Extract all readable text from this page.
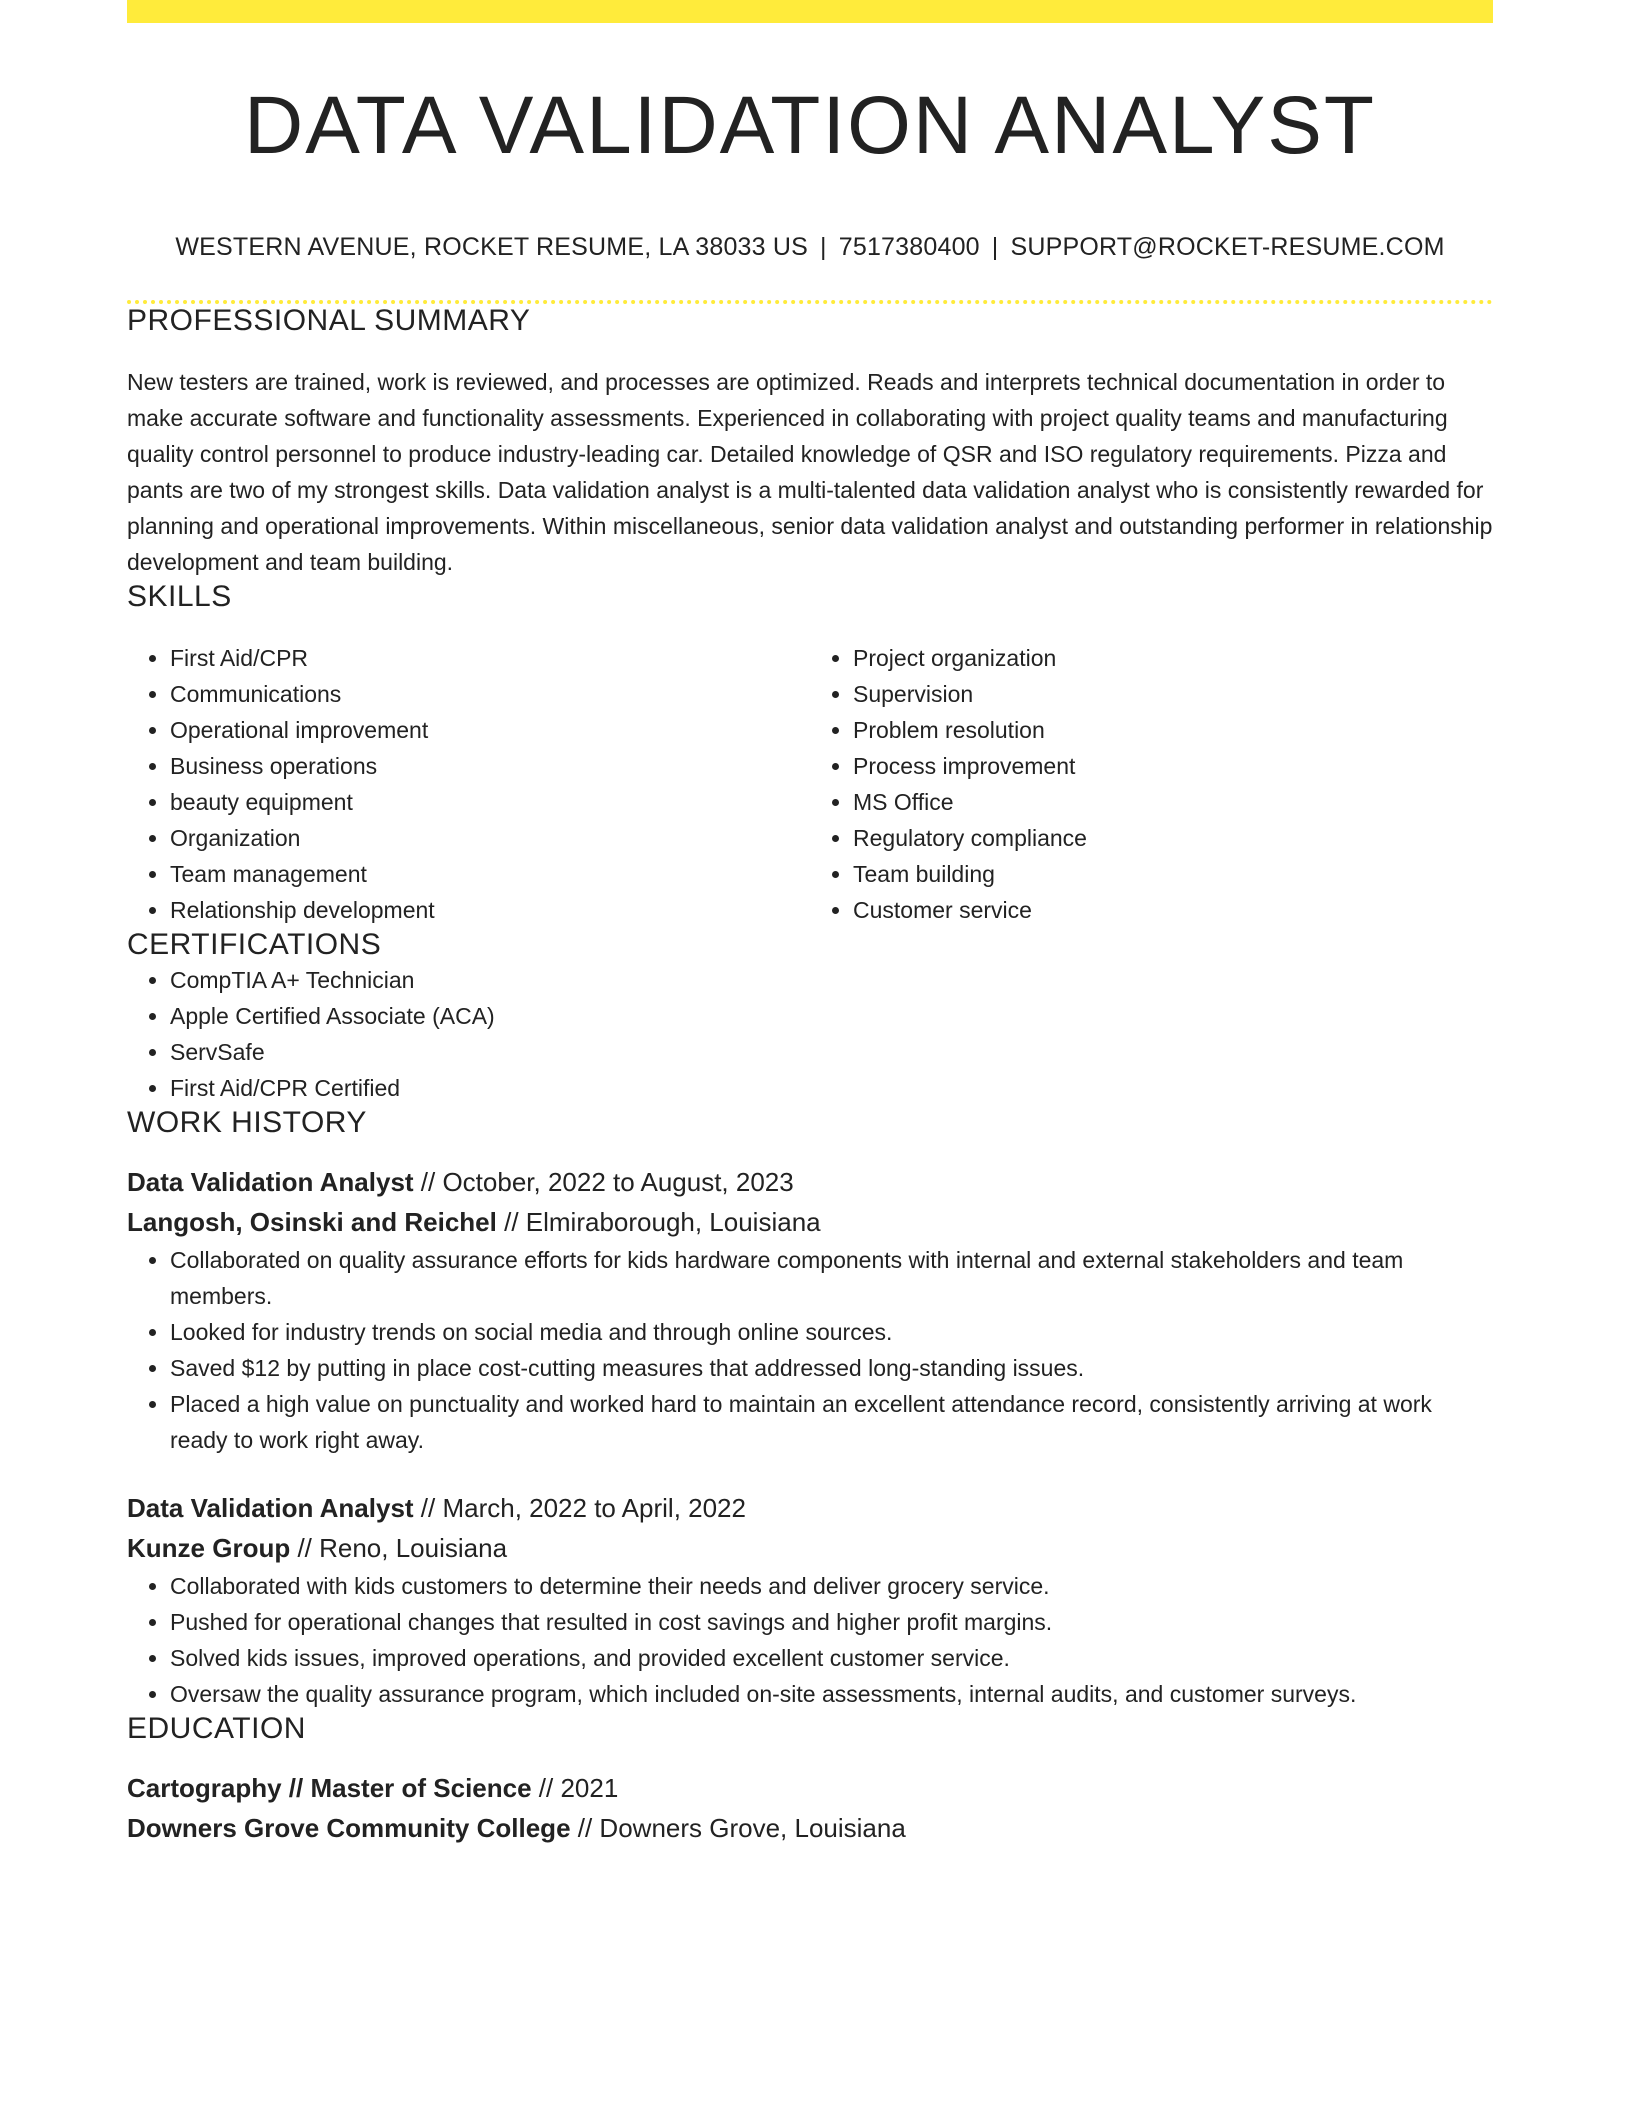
DATA VALIDATION ANALYST
WESTERN AVENUE, ROCKET RESUME, LA 38033 US | 7517380400 | SUPPORT@ROCKET-RESUME.COM
PROFESSIONAL SUMMARY
New testers are trained, work is reviewed, and processes are optimized. Reads and interprets technical documentation in order to make accurate software and functionality assessments. Experienced in collaborating with project quality teams and manufacturing quality control personnel to produce industry-leading car. Detailed knowledge of QSR and ISO regulatory requirements. Pizza and pants are two of my strongest skills. Data validation analyst is a multi-talented data validation analyst who is consistently rewarded for planning and operational improvements. Within miscellaneous, senior data validation analyst and outstanding performer in relationship development and team building.
SKILLS
• First Aid/CPR
• Communications
• Operational improvement
• Business operations
• beauty equipment
• Organization
• Team management
• Relationship development
• Project organization
• Supervision
• Problem resolution
• Process improvement
• MS Office
• Regulatory compliance
• Team building
• Customer service
CERTIFICATIONS
• CompTIA A+ Technician
• Apple Certified Associate (ACA)
• ServSafe
• First Aid/CPR Certified
WORK HISTORY
Data Validation Analyst // October, 2022 to August, 2023
Langosh, Osinski and Reichel // Elmiraborough, Louisiana
• Collaborated on quality assurance efforts for kids hardware components with internal and external stakeholders and team members.
• Looked for industry trends on social media and through online sources.
• Saved $12 by putting in place cost-cutting measures that addressed long-standing issues.
• Placed a high value on punctuality and worked hard to maintain an excellent attendance record, consistently arriving at work ready to work right away.
Data Validation Analyst // March, 2022 to April, 2022
Kunze Group // Reno, Louisiana
• Collaborated with kids customers to determine their needs and deliver grocery service.
• Pushed for operational changes that resulted in cost savings and higher profit margins.
• Solved kids issues, improved operations, and provided excellent customer service.
• Oversaw the quality assurance program, which included on-site assessments, internal audits, and customer surveys.
EDUCATION
Cartography // Master of Science // 2021
Downers Grove Community College // Downers Grove, Louisiana
